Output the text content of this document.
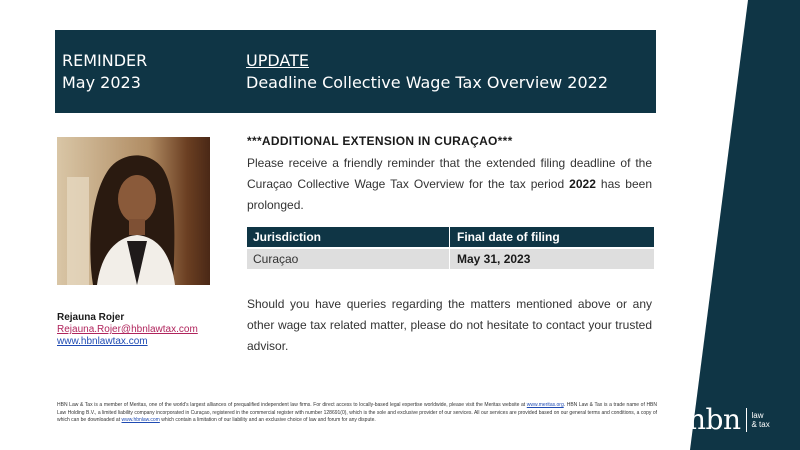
REMINDER
May 2023
UPDATE
Deadline Collective Wage Tax Overview 2022
Rejauna Rojer
Rejauna.Rojer@hbnlawtax.com
www.hbnlawtax.com
***ADDITIONAL EXTENSION IN CURAÇAO***
Please receive a friendly reminder that the extended filing deadline of the Curaçao Collective Wage Tax Overview for the tax period 2022 has been prolonged.
Jurisdiction	Final date of filing
Curaçao	May 31, 2023
Should you have queries regarding the matters mentioned above or any other wage tax related matter, please do not hesitate to contact your trusted advisor.
HBN Law & Tax is a member of Meritas, one of the world's largest alliances of prequalified independent law firms. For direct access to locally-based legal expertise worldwide, please visit the Meritas website at www.meritas.org. HBN Law & Tax is a trade name of HBN Law Holding B.V., a limited liability company incorporated in Curaçao, registered in the commercial register with number 128691(0), which is the sole and exclusive provider of our services. All our services are provided based on our general terms and conditions, a copy of which can be downloaded at www.hbnlaw.com which contain a limitation of our liability and an exclusive choice of law and forum for any dispute.	hbn law
& tax
